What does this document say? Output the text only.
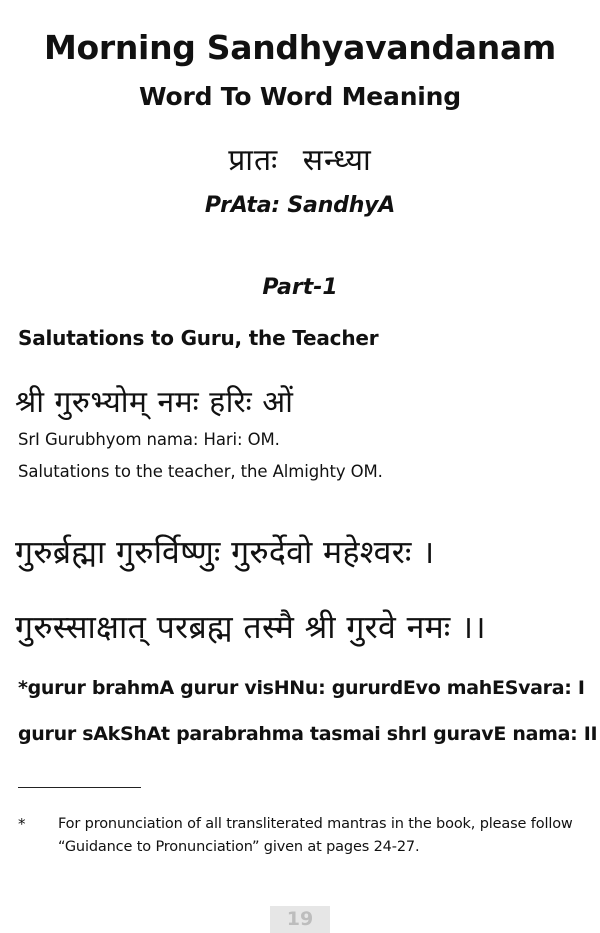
Morning Sandhyavandanam
Word To Word Meaning
प्रातः सन्ध्या
PrAta: SandhyA
Part-1
Salutations to Guru, the Teacher
श्री गुरुभ्योम् नमः हरिः ओं
SrI Gurubhyom nama: Hari: OM.
Salutations to the teacher, the Almighty OM.
गुरुर्ब्रह्मा गुरुर्विष्णुः गुरुर्देवो महेश्वरः ।
गुरुस्साक्षात् परब्रह्म तस्मै श्री गुरवे नमः ।।
*gurur brahmA gurur visHNu: gururdEvo mahESvara: I
gurur sAkShAt parabrahma tasmai shrI guravE nama: II
* For pronunciation of all transliterated mantras in the book, please follow “Guidance to Pronunciation” given at pages 24-27.
19
